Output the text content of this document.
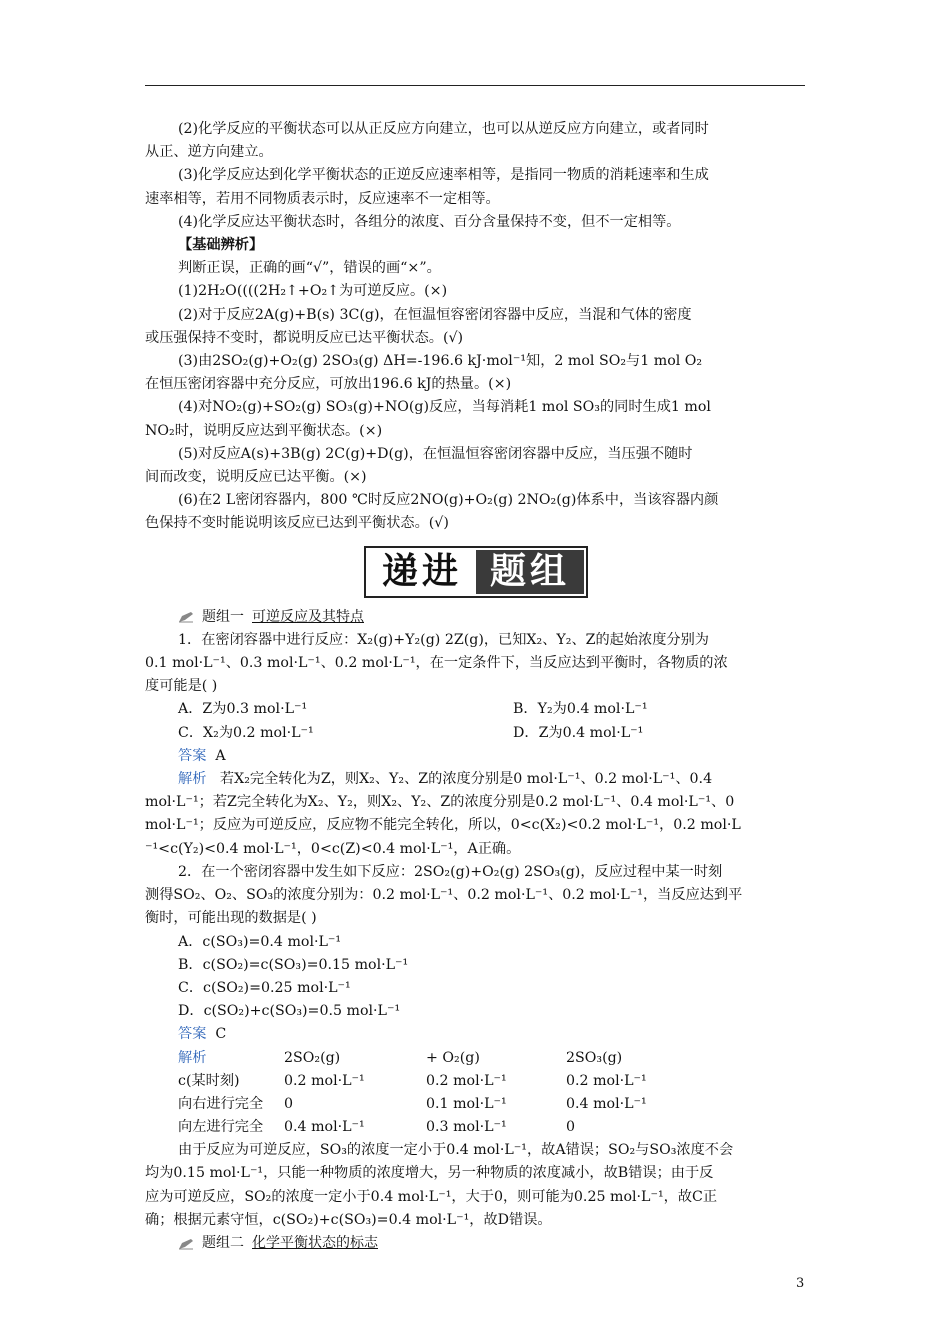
(2)化学反应的平衡状态可以从正反应方向建立，也可以从逆反应方向建立，或者同时

从正、逆方向建立。

(3)化学反应达到化学平衡状态的正逆反应速率相等，是指同一物质的消耗速率和生成

速率相等，若用不同物质表示时，反应速率不一定相等。

(4)化学反应达平衡状态时，各组分的浓度、百分含量保持不变，但不一定相等。

【基础辨析】

判断正误，正确的画“√”，错误的画“×”。

(1)2H₂O((((2H₂↑+O₂↑为可逆反应。(×)

(2)对于反应2A(g)+B(s) 3C(g)，在恒温恒容密闭容器中反应，当混和气体的密度

或压强保持不变时，都说明反应已达平衡状态。(√)

(3)由2SO₂(g)+O₂(g) 2SO₃(g) ΔH=-196.6 kJ·mol⁻¹知，2 mol SO₂与1 mol O₂

在恒压密闭容器中充分反应，可放出196.6 kJ的热量。(×)

(4)对NO₂(g)+SO₂(g) SO₃(g)+NO(g)反应，当每消耗1 mol SO₃的同时生成1 mol

NO₂时，说明反应达到平衡状态。(×)

(5)对反应A(s)+3B(g) 2C(g)+D(g)，在恒温恒容密闭容器中反应，当压强不随时

间而改变，说明反应已达平衡。(×)

(6)在2 L密闭容器内，800 ℃时反应2NO(g)+O₂(g) 2NO₂(g)体系中，当该容器内颜

色保持不变时能说明该反应已达到平衡状态。(√)

递进 题组
题组一 可逆反应及其特点

1．在密闭容器中进行反应：X₂(g)+Y₂(g) 2Z(g)，已知X₂、Y₂、Z的起始浓度分别为

0.1 mol·L⁻¹、0.3 mol·L⁻¹、0.2 mol·L⁻¹，在一定条件下，当反应达到平衡时，各物质的浓

度可能是( )

A．Z为0.3 mol·L⁻¹	B．Y₂为0.4 mol·L⁻¹
C．X₂为0.2 mol·L⁻¹	D．Z为0.4 mol·L⁻¹

答案 A

解析 若X₂完全转化为Z，则X₂、Y₂、Z的浓度分别是0 mol·L⁻¹、0.2 mol·L⁻¹、0.4

mol·L⁻¹；若Z完全转化为X₂、Y₂，则X₂、Y₂、Z的浓度分别是0.2 mol·L⁻¹、0.4 mol·L⁻¹、0

mol·L⁻¹；反应为可逆反应，反应物不能完全转化，所以，0<c(X₂)<0.2 mol·L⁻¹，0.2 mol·L

⁻¹<c(Y₂)<0.4 mol·L⁻¹，0<c(Z)<0.4 mol·L⁻¹，A正确。

2．在一个密闭容器中发生如下反应：2SO₂(g)+O₂(g) 2SO₃(g)，反应过程中某一时刻

测得SO₂、O₂、SO₃的浓度分别为：0.2 mol·L⁻¹、0.2 mol·L⁻¹、0.2 mol·L⁻¹，当反应达到平

衡时，可能出现的数据是( )

A．c(SO₃)=0.4 mol·L⁻¹

B．c(SO₂)=c(SO₃)=0.15 mol·L⁻¹

C．c(SO₂)=0.25 mol·L⁻¹

D．c(SO₂)+c(SO₃)=0.5 mol·L⁻¹

答案 C

解析	2SO₂(g)	+ O₂(g)	2SO₃(g)
c(某时刻)	0.2 mol·L⁻¹	0.2 mol·L⁻¹	0.2 mol·L⁻¹
向右进行完全	0	0.1 mol·L⁻¹	0.4 mol·L⁻¹
向左进行完全	0.4 mol·L⁻¹	0.3 mol·L⁻¹	0

由于反应为可逆反应，SO₃的浓度一定小于0.4 mol·L⁻¹，故A错误；SO₂与SO₃浓度不会

均为0.15 mol·L⁻¹，只能一种物质的浓度增大，另一种物质的浓度减小，故B错误；由于反

应为可逆反应，SO₂的浓度一定小于0.4 mol·L⁻¹，大于0，则可能为0.25 mol·L⁻¹，故C正

确；根据元素守恒，c(SO₂)+c(SO₃)=0.4 mol·L⁻¹，故D错误。

题组二 化学平衡状态的标志
3
